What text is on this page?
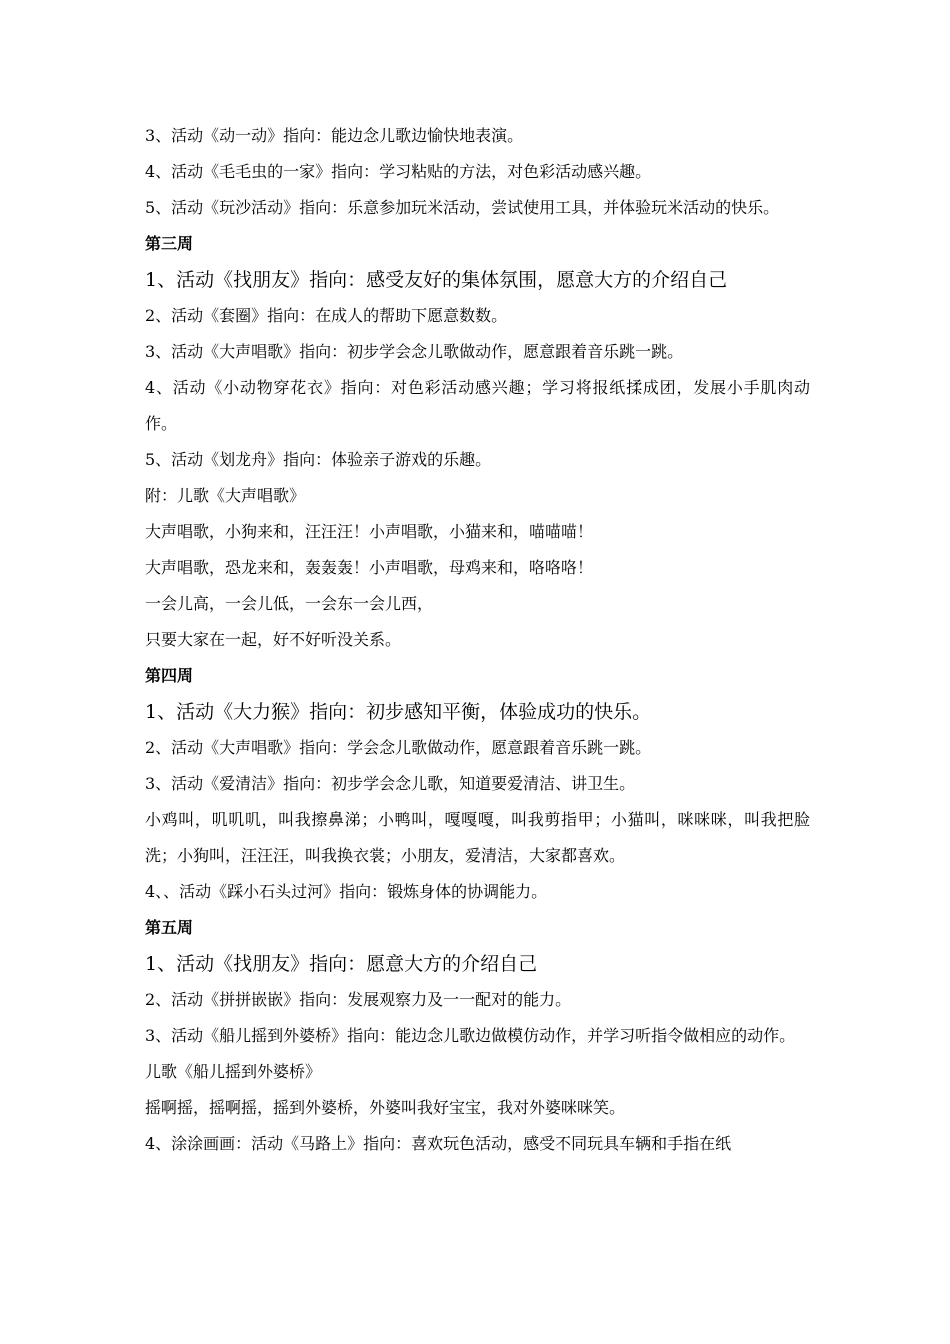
3、活动《动一动》指向：能边念儿歌边愉快地表演。
4、活动《毛毛虫的一家》指向：学习粘贴的方法，对色彩活动感兴趣。
5、活动《玩沙活动》指向：乐意参加玩米活动，尝试使用工具，并体验玩米活动的快乐。
第三周
1、活动《找朋友》指向：感受友好的集体氛围，愿意大方的介绍自己
2、活动《套圈》指向：在成人的帮助下愿意数数。
3、活动《大声唱歌》指向：初步学会念儿歌做动作，愿意跟着音乐跳一跳。
4、活动《小动物穿花衣》指向：对色彩活动感兴趣；学习将报纸揉成团，发展小手肌肉动作。
5、活动《划龙舟》指向：体验亲子游戏的乐趣。
附：儿歌《大声唱歌》
大声唱歌，小狗来和，汪汪汪！小声唱歌，小猫来和，喵喵喵！
大声唱歌，恐龙来和，轰轰轰！小声唱歌，母鸡来和，咯咯咯！
一会儿高，一会儿低，一会东一会儿西，
只要大家在一起，好不好听没关系。
第四周
1、活动《大力猴》指向：初步感知平衡，体验成功的快乐。
2、活动《大声唱歌》指向：学会念儿歌做动作，愿意跟着音乐跳一跳。
3、活动《爱清洁》指向：初步学会念儿歌，知道要爱清洁、讲卫生。
小鸡叫，叽叽叽，叫我擦鼻涕；小鸭叫，嘎嘎嘎，叫我剪指甲；小猫叫，咪咪咪，叫我把脸洗；小狗叫，汪汪汪，叫我换衣裳；小朋友，爱清洁，大家都喜欢。
4、、活动《踩小石头过河》指向：锻炼身体的协调能力。
第五周
1、活动《找朋友》指向：愿意大方的介绍自己
2、活动《拼拼嵌嵌》指向：发展观察力及一一配对的能力。
3、活动《船儿摇到外婆桥》指向：能边念儿歌边做模仿动作，并学习听指令做相应的动作。
儿歌《船儿摇到外婆桥》
摇啊摇，摇啊摇，摇到外婆桥，外婆叫我好宝宝，我对外婆咪咪笑。
4、涂涂画画：活动《马路上》指向：喜欢玩色活动，感受不同玩具车辆和手指在纸
